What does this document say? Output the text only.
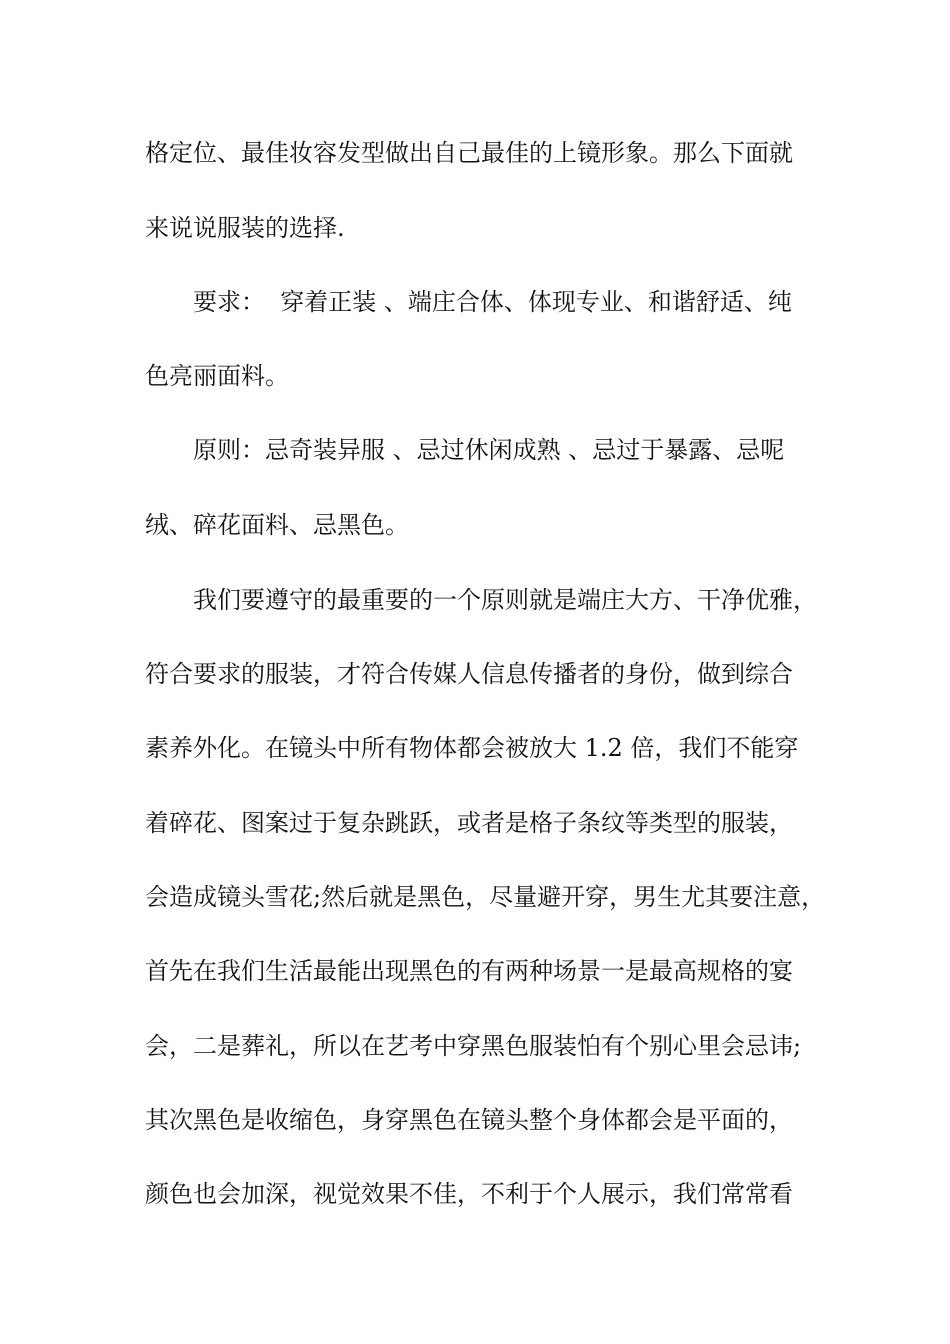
格定位、最佳妆容发型做出自己最佳的上镜形象。那么下面就
来说说服装的选择.
要求：  穿着正装 、端庄合体、体现专业、和谐舒适、纯
色亮丽面料。
原则：忌奇装异服 、忌过休闲成熟 、忌过于暴露、忌呢
绒、碎花面料、忌黑色。
我们要遵守的最重要的一个原则就是端庄大方、干净优雅，
符合要求的服装，才符合传媒人信息传播者的身份，做到综合
素养外化。在镜头中所有物体都会被放大 1.2 倍，我们不能穿
着碎花、图案过于复杂跳跃，或者是格子条纹等类型的服装，
会造成镜头雪花;然后就是黑色，尽量避开穿，男生尤其要注意，
首先在我们生活最能出现黑色的有两种场景一是最高规格的宴
会，二是葬礼，所以在艺考中穿黑色服装怕有个别心里会忌讳;
其次黑色是收缩色，身穿黑色在镜头整个身体都会是平面的，
颜色也会加深，视觉效果不佳，不利于个人展示，我们常常看
